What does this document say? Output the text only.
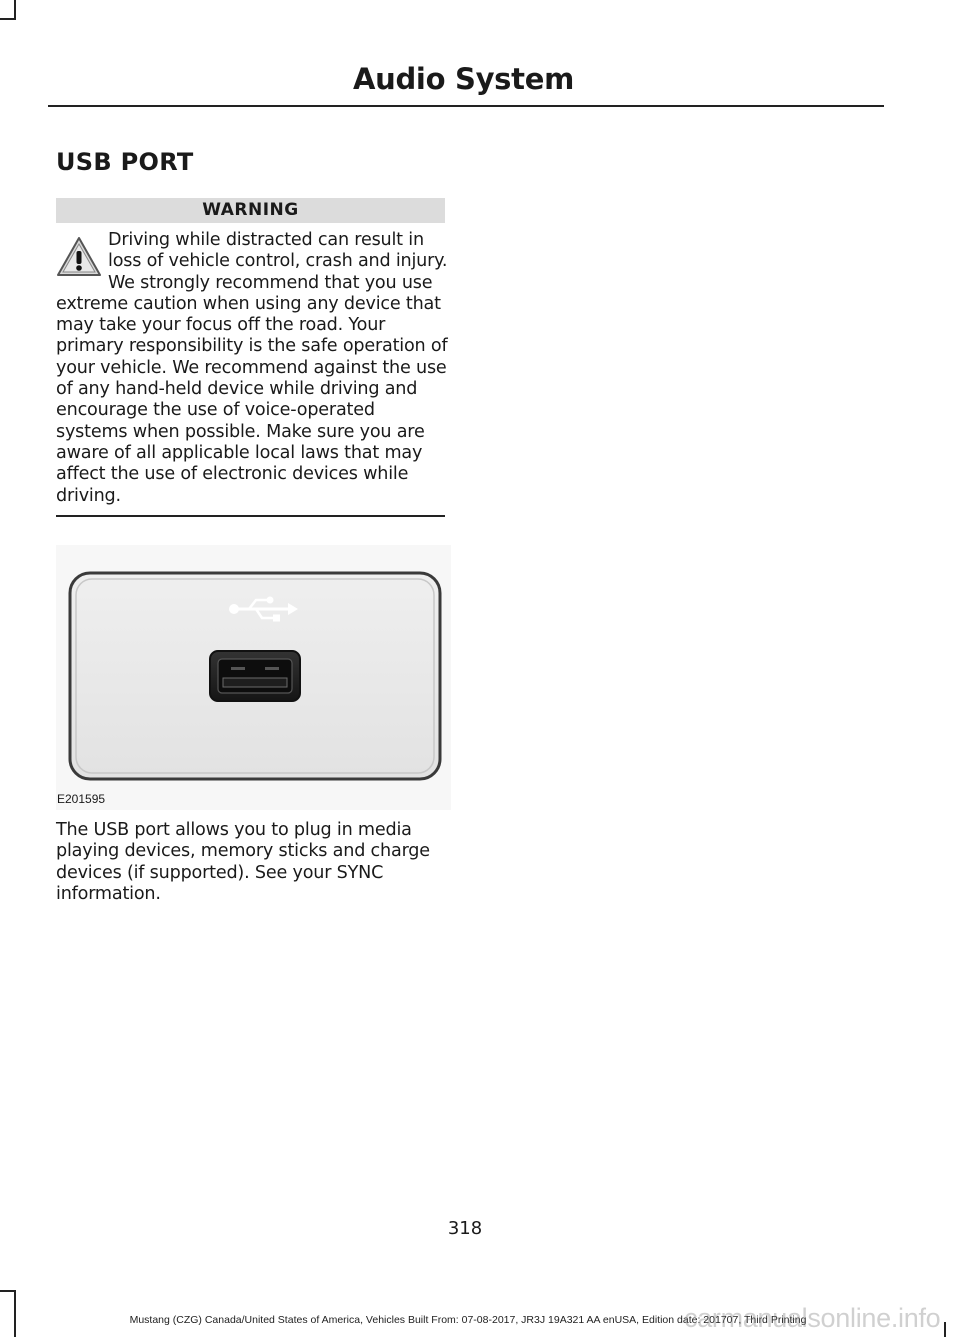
Audio System
USB PORT
WARNING
Driving while distracted can result in loss of vehicle control, crash and injury. We strongly recommend that you use extreme caution when using any device that may take your focus off the road. Your primary responsibility is the safe operation of your vehicle. We recommend against the use of any hand-held device while driving and encourage the use of voice-operated systems when possible. Make sure you are aware of all applicable local laws that may affect the use of electronic devices while driving.
E201595
The USB port allows you to plug in media playing devices, memory sticks and charge devices (if supported). See your SYNC information.
318
Mustang (CZG) Canada/United States of America, Vehicles Built From: 07-08-2017, JR3J 19A321 AA enUSA, Edition date: 201707, Third Printing
carmanualsonline.info
